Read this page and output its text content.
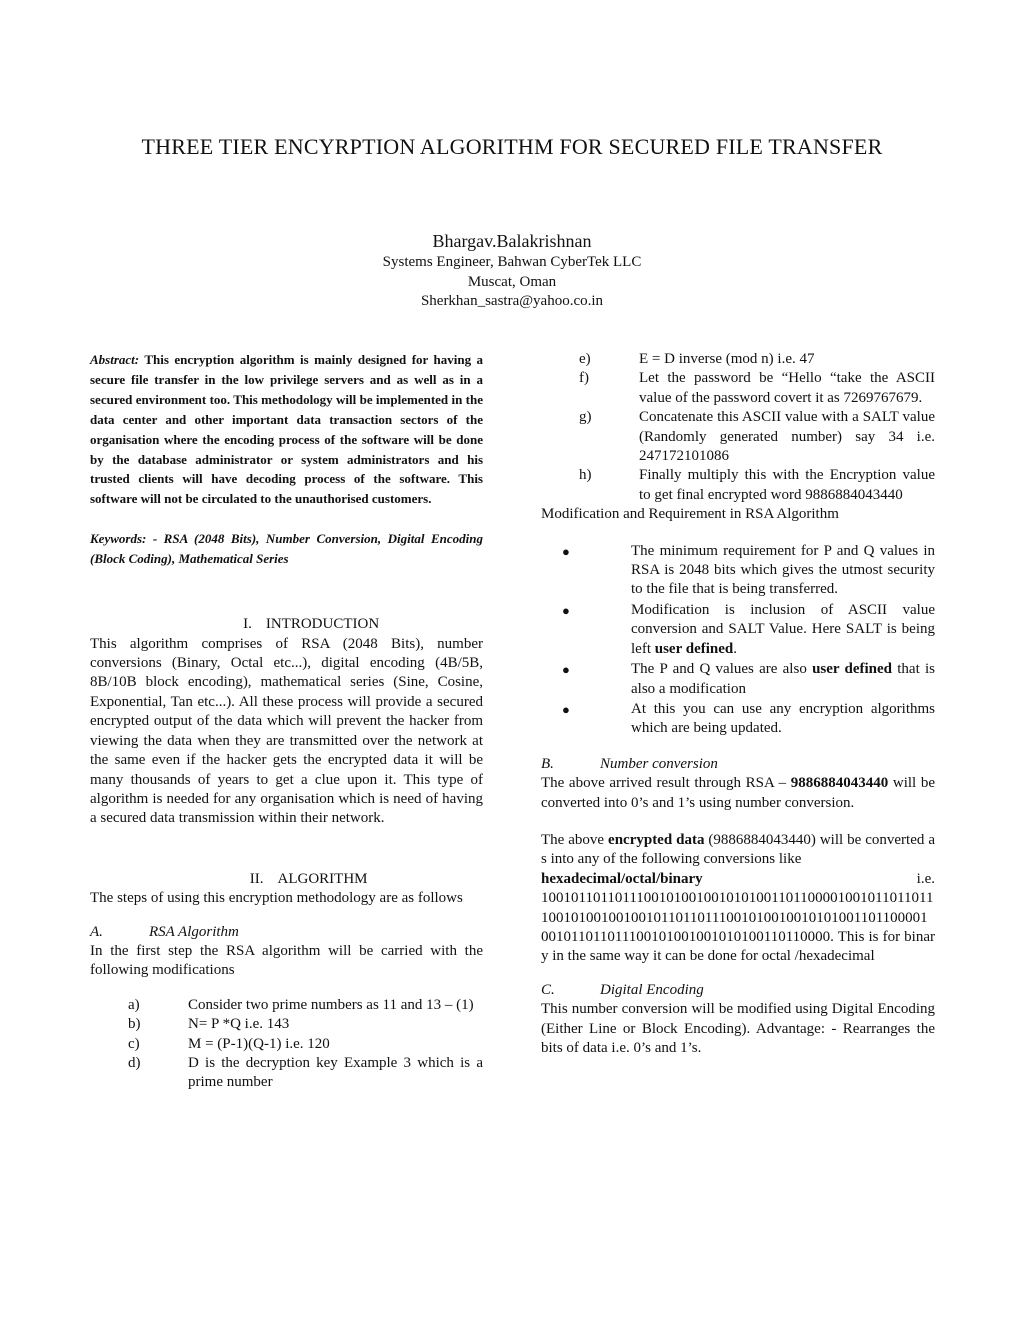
THREE TIER ENCYRPTION ALGORITHM FOR SECURED FILE TRANSFER
Bhargav.Balakrishnan
Systems Engineer, Bahwan CyberTek LLC
Muscat, Oman
Sherkhan_sastra@yahoo.co.in

Abstract: This encryption algorithm is mainly designed for having a secure file transfer in the low privilege servers and as well as in a secured environment too. This methodology will be implemented in the data center and other important data transaction sectors of the organisation where the encoding process of the software will be done by the database administrator or system administrators and his trusted clients will have decoding process of the software. This software will not be circulated to the unauthorised customers.

Keywords: - RSA (2048 Bits), Number Conversion, Digital Encoding (Block Coding), Mathematical Series

I. INTRODUCTION

This algorithm comprises of RSA (2048 Bits), number conversions (Binary, Octal etc...), digital encoding (4B/5B, 8B/10B block encoding), mathematical series (Sine, Cosine, Exponential, Tan etc...). All these process will provide a secured encrypted output of the data which will prevent the hacker from viewing the data when they are transmitted over the network at the same even if the hacker gets the encrypted data it will be many thousands of years to get a clue upon it. This type of algorithm is needed for any organisation which is need of having a secured data transmission within their network.

II. ALGORITHM

The steps of using this encryption methodology are as follows

A.	RSA Algorithm

In the first step the RSA algorithm will be carried with the following modifications

a)	Consider two prime numbers as 11 and 13 – (1)
b)	N= P *Q i.e. 143
c)	M = (P-1)(Q-1) i.e. 120
d)	D is the decryption key Example 3 which is a prime number
e)	E = D inverse (mod n) i.e. 47
f)	Let the password be “Hello “take the ASCII value of the password covert it as 7269767679.
g)	Concatenate this ASCII value with a SALT value (Randomly generated number) say 34 i.e. 247172101086
h)	Finally multiply this with the Encryption value to get final encrypted word 9886884043440

Modification and Requirement in RSA Algorithm

●	The minimum requirement for P and Q values in RSA is 2048 bits which gives the utmost security to the file that is being transferred.
●	Modification is inclusion of ASCII value conversion and SALT Value. Here SALT is being left user defined.
●	The P and Q values are also user defined that is also a modification
●	At this you can use any encryption algorithms which are being updated.
B.	Number conversion

The above arrived result through RSA – 9886884043440 will be converted into 0’s and 1’s using number conversion.

The above encrypted data (9886884043440) will be converted as into any of the following conversions like
hexadecimal/octal/binary	i.e.
100101101101110010100100101010011011000010010110110111001010010010010110110111001010010010101001101100001001011011011100101001001010100110110000. This is for binary in the same way it can be done for octal /hexadecimal

C.	Digital Encoding

This number conversion will be modified using Digital Encoding (Either Line or Block Encoding). Advantage: - Rearranges the bits of data i.e. 0’s and 1’s.
